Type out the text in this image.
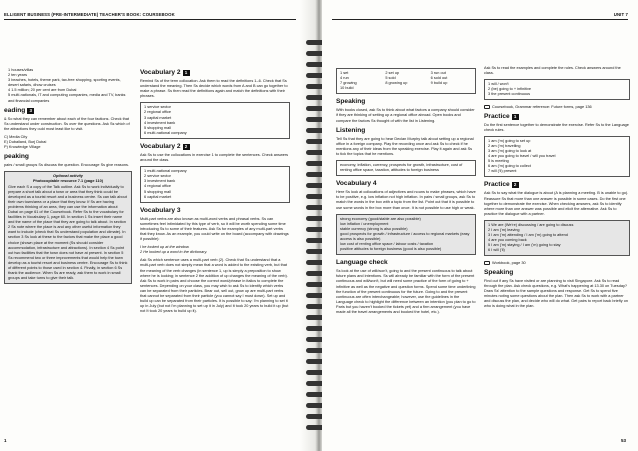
ELLIGENT BUSINESS (PRE-INTERMEDIATE) TEACHER'S BOOK: COURSEBOOK
1 houses/villas
2 ten years
3 beaches, hotels, theme park, tax-free shopping, sporting events, desert safaris, dhow cruises
4 1.5 million; 20 per cent are from Dubai
5 multi-nationals, IT and computing companies, media and TV, banks and financial companies
eading 3

& So what they can remember about each of the four factions. Check that Ss understand under construction. Ss over the questions. Ask Ss which of the attractions they ould most least like to visit.

C) Media City
E) Dubailand, Burj Dubai
P) Knowledge Village
peaking

pairs / small groups Ss discuss the question. Encourage Ss give reasons.

Optional activity
Photocopiable resource 7.1 (page 110)
Give each S a copy of the Talk outline. Ask Ss to work individually to prepare a short talk about a town or area that they think could be developed as a tourist resort and a business centre. Ss can talk about their own town/area or a place that they know. If Ss are having problems thinking of an area, they can use the information about Dubai on page 61 of the Coursebook. Refer Ss to the vocabulary for facilities in Vocabulary 1, page 60. In section 1 Ss insert their name and the name of the place that they are going to talk about. In section 2 Ss note where the place is and any other useful information they want to include (check that Ss understand population and climate). In section 3 Ss look at these to the factors that make the place a good choice (shown place at the moment (Ss should consider accommodation, infrastructure and attractions). In section 4 Ss point out two facilities that the town does not have at present. In section 5 Ss recommend two or three improvements that would help the town develop as a tourist resort and business centre. Encourage Ss to think of different points to those used in section 4. Finally, in section 6 Ss thank the audience. When Ss are ready, ask them to work in small groups and take turns to give their talk.
1
Vocabulary 2 1

Remind Ss of the term collocation. Ask them to read the definitions 1–6. Check that Ss understand the meaning. Then Ss decide which words from A and B can go together to make a phrase. Ss then read the definitions again and match the definitions with their phrases.

1 service sector
2 regional office
3 capital market
4 investment bank
5 shopping mall
6 multi-national company
Vocabulary 2 2

Ask Ss to use the collocations in exercise 1 to complete the sentences. Check answers around the class.

1 multi-national company
2 service sector
3 investment bank
4 regional office
5 shopping mall
6 capital market
Vocabulary 3

Multi-part verbs are also known as multi-word verbs and phrasal verbs. Ss can sometimes feel intimidated by this type of verb, so it will be worth spending some time introducing Ss to some of their features. Ask Ss for examples of any multi-part verbs that they know. As an example, you could write on the board (accompany with drawings if possible):

I he looked up at the window.
2 He looked up a word in the dictionary.

Ask Ss which sentence uses a multi-part verb (2). Check that Ss understand that a multi-part verb does not simply mean that a word is added to the existing verb, but that the meaning of the verb changes (in sentence 1, up is simply a preposition to show where he is looking; in sentence 2 the addition of up changes the meaning of the verb). Ask Ss to work in pairs and choose the correct word/phrase in italics to complete the sentences. Depending on your class, you may wish to ask Ss to identify which verbs can be separated from their particles. Bear out, sell out, grow up are multi-part verbs that cannot be separated from their particle (you cannot say I must down). Set up and build up can be separated from their particles. It is possible to say: I'm planning to set it up in July (but not I'm planning to set up it in July) and It took 20 years to build it up (but not It took 20 years to build up it).

UNIT 7
1 set	2 set up	3 run out
4 run	5 sold	6 sold out
7 growing	8 growing up	9 build up
10 build
Speaking

With books closed, ask Ss to think about what factors a company should consider if they are thinking of setting up a regional office abroad. Open books and compare the factors Ss thought of with the list in Listening.

Listening

Tell Ss that they are going to hear Declan Murphy talk about setting up a regional office in a foreign company. Play the recording once and ask Ss to check if he mentions any of their ideas from the speaking exercise. Play it again and ask Ss to tick the topics that he mentions.

economy, inflation, currency, prospects for growth, infrastructure, cost of renting office space, taxation, attitudes to foreign business
Vocabulary 4

Here Ss look at collocations of adjectives and nouns to make phrases, which have to be positive, e.g. low inflation not high inflation. In pairs / small groups, ask Ss to match the words in the box with a topic from the list. Point out that it is possible to use some words in the box more than once. It is not possible to use high or weak.

strong economy (good/stable are also possible)
low inflation / unemployment
stable currency (strong is also possible)
good prospects for growth / infrastructure / access to regional markets (easy access is also possible)
low cost of renting office space / labour costs / taxation
positive attitudes to foreign business (good is also possible)
Language check

Ss look at the use of will/won't, going to and the present continuous to talk about future plans and intentions. Ss will already be familiar with the form of the present continuous and will/won't, but will need some practice of the form of going to + infinitive as well as the negative and question forms. Spend some time underlining the function of the present continuous for the future. Going to and the present continuous are often interchangeable; however, use the guidelines in the Language check to highlight the difference between an intention (you plan to go to Paris but you haven't booked the tickets yet) and a firm arrangement (you have made all the travel arrangements and booked the hotel, etc.).

Ask Ss to read the examples and complete the rules. Check answers around the class.

1 will / won't
2 (be) going to + infinitive
3 the present continuous
Coursebook, Grammar reference: Future forms, page 136
Practice 1

Do the first sentence together to demonstrate the exercise. Refer Ss to the Language check rules.

1 am ('m) going to set up
2 am ('m) travelling
3 am ('m) going to look at
4 are you going to travel / will you travel
5 is meeting
6 am ('m) going to collect
7 will ('ll) present
Practice 2

Ask Ss to say what the dialogue is about (A is planning a meeting. B is unable to go). Reassure Ss that more than one answer is possible in some cases. Do the first one together to demonstrate the exercise. When checking answers, ask Ss to identify where more than one answer was possible and elicit the alternative. Ask Ss to practice the dialogue with a partner.

1 We are (We're) discussing / are going to discuss
2 I am ('m) leaving
3 I am ('m) attending / I am ('m) going to attend
4 are you coming back
5 I am ('m) staying / I am ('m) going to stay
6 I will ('ll)
Workbook, page 30
Speaking

Find out if any Ss have visited or are planning to visit Singapore. Ask Ss to read through the plan. Ask check questions, e.g. What's happening at 13.30 on Tuesday? Draw Ss' attention to the sample questions and response. Get Ss to spend five minutes noting some questions about the plan. Then ask Ss to work with a partner and discuss the plan, and decide who will do what. Get pairs to report back briefly on who is doing what in the plan.

53
